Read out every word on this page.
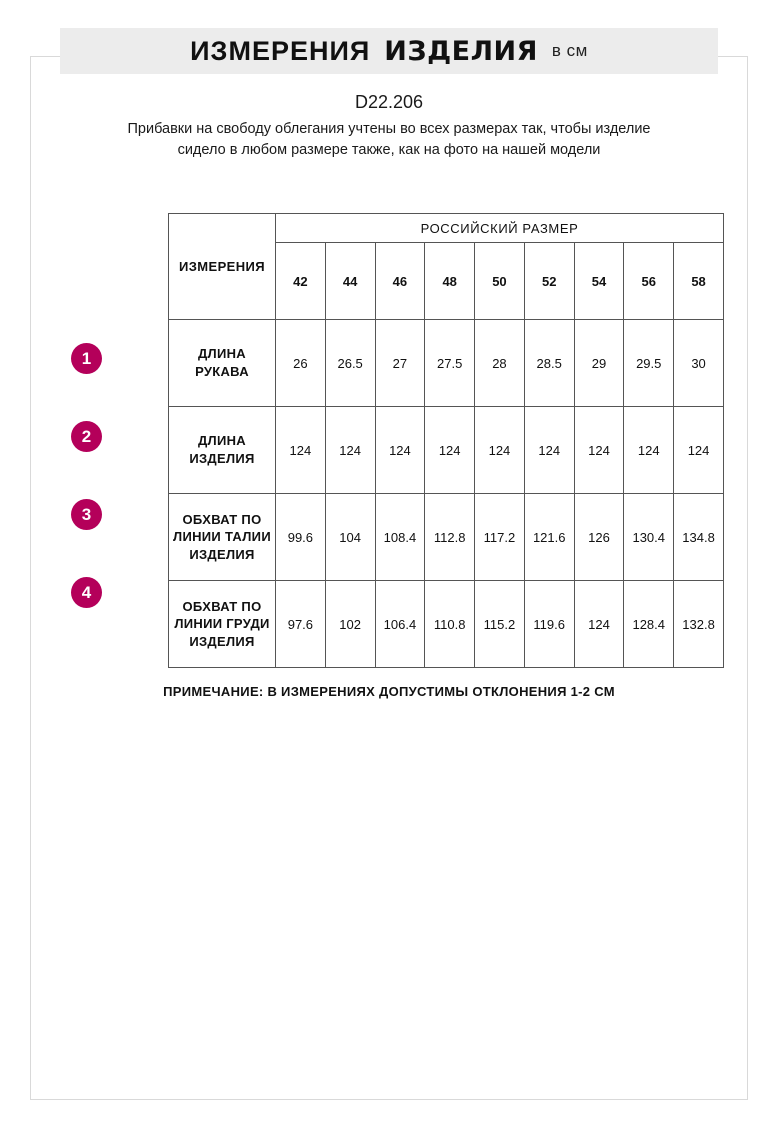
ИЗМЕРЕНИЯ ИЗДЕЛИЯ в см
D22.206
Прибавки на свободу облегания учтены во всех размерах так, чтобы изделие сидело в любом размере также, как на фото на нашей модели
1
2
3
4
ИЗМЕРЕНИЯ	РОССИЙСКИЙ РАЗМЕР								
	42	44	46	48	50	52	54	56	58
ДЛИНА РУКАВА	26	26.5	27	27.5	28	28.5	29	29.5	30
ДЛИНА ИЗДЕЛИЯ	124	124	124	124	124	124	124	124	124
ОБХВАТ ПО ЛИНИИ ТАЛИИ ИЗДЕЛИЯ	99.6	104	108.4	112.8	117.2	121.6	126	130.4	134.8
ОБХВАТ ПО ЛИНИИ ГРУДИ ИЗДЕЛИЯ	97.6	102	106.4	110.8	115.2	119.6	124	128.4	132.8
ПРИМЕЧАНИЕ: В ИЗМЕРЕНИЯХ ДОПУСТИМЫ ОТКЛОНЕНИЯ 1-2 СМ
